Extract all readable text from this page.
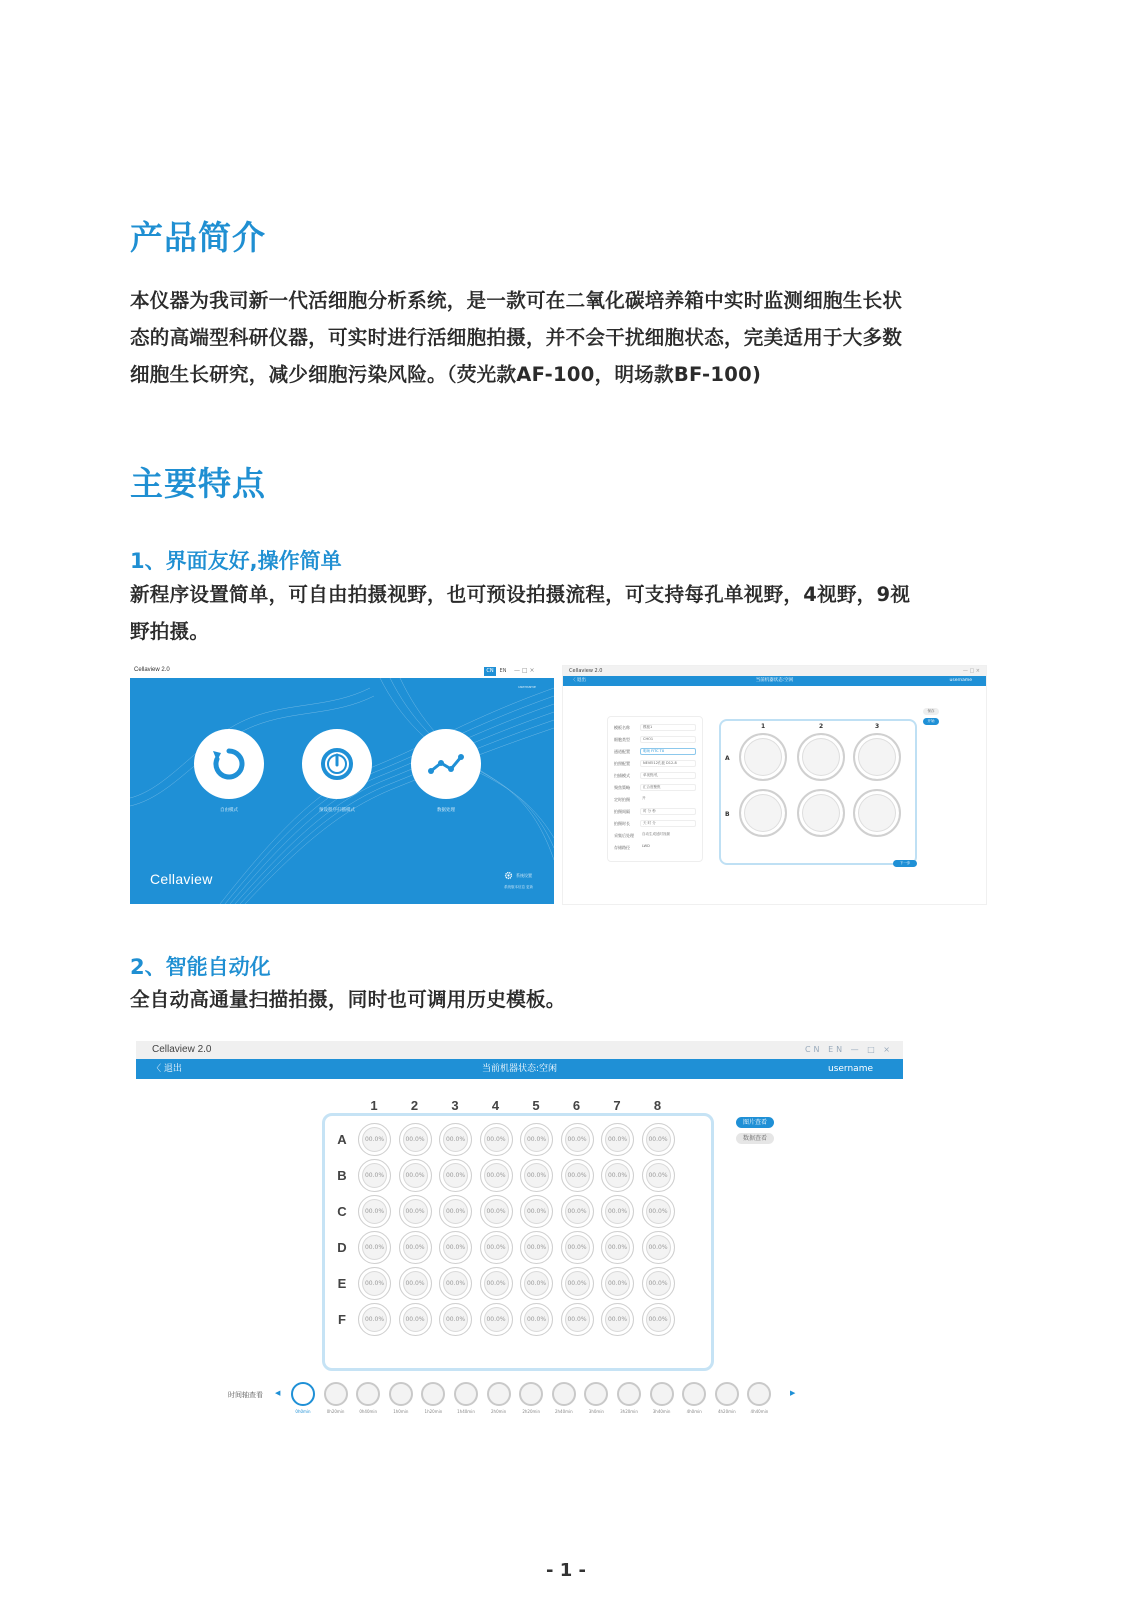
产品简介
本仪器为我司新一代活细胞分析系统，是一款可在二氧化碳培养箱中实时监测细胞生长状
态的高端型科研仪器，可实时进行活细胞拍摄，并不会干扰细胞状态，完美适用于大多数
细胞生长研究，减少细胞污染风险。（荧光款AF-100，明场款BF-100)
主要特点
1、界面友好,操作简单
新程序设置简单，可自由拍摄视野，也可预设拍摄流程，可支持每孔单视野，4视野，9视
野拍摄。
Cellaview 2.0	CN	EN	— □ ×
username
自由模式	预设程序扫描模式	数据处理
Cellaview	系统设置
系统版本信息 更新
Cellaview 2.0	— □ ×
〈 退出	当前机器状态:空闲	username
模板名称	模板1
细胞类型	CHO1
通道配置	明场 FITC TX
拍照配置	NEVEI12孔板 D12-8
扫描模式	单视野/孔
聚焦策略	汇合度聚焦
定时拍摄	开
拍摄间隔	时 分 秒
拍摄时长	天 时 分
采集后处理	自动生成延时视频
存储路径	LWD
1	2	3
A
B
保存
开始
下一步
2、智能自动化
全自动高通量扫描拍摄，同时也可调用历史模板。
Cellaview 2.0	CN EN — □ ×
〈 退出	当前机器状态:空闲	username
1	2	3	4	5	6	7	8
A	00.0%	00.0%	00.0%	00.0%	00.0%	00.0%	00.0%	00.0%
B	00.0%	00.0%	00.0%	00.0%	00.0%	00.0%	00.0%	00.0%
C	00.0%	00.0%	00.0%	00.0%	00.0%	00.0%	00.0%	00.0%
D	00.0%	00.0%	00.0%	00.0%	00.0%	00.0%	00.0%	00.0%
E	00.0%	00.0%	00.0%	00.0%	00.0%	00.0%	00.0%	00.0%
F	00.0%	00.0%	00.0%	00.0%	00.0%	00.0%	00.0%	00.0%
图片查看
数据查看
时间轴查看 ◀	▶
0h0min	0h20min	0h40min	1h0min	1h20min	1h40min	2h0min	2h20min	2h40min	3h0min	3h20min	3h40min	4h0min	4h20min	4h40min
- 1 -
